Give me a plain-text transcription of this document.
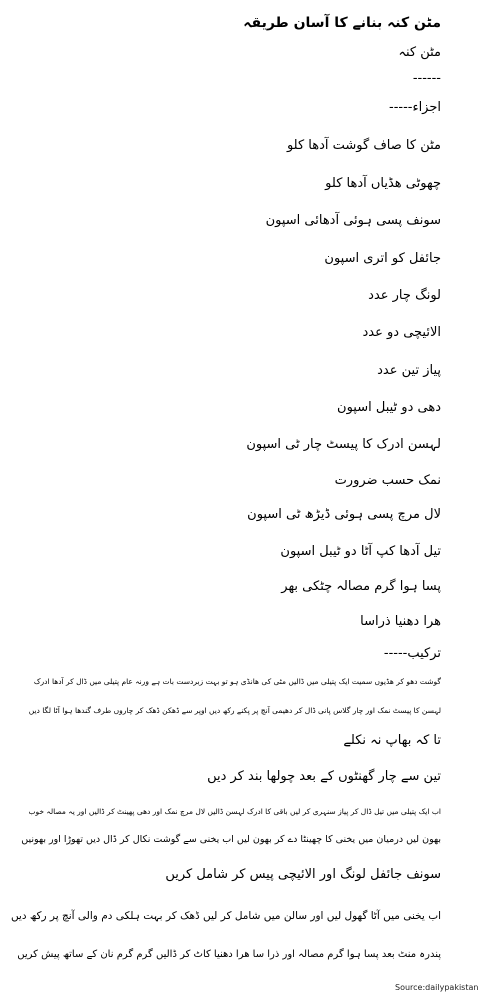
مٹن کنہ بنانے کا آسان طریقہ
مٹن کنہ
------
اجزاء-----
مٹن کا صاف گوشت آدھا کلو
چھوٹی ھڈیاں آدھا کلو
سونف پسی ہوئی آدھائی اسپون
جائفل کو اتری اسپون
لونگ چار عدد
الائیچی دو عدد
پیاز تین عدد
دھی دو ٹیبل اسپون
لہسن ادرک کا پیسٹ چار ٹی اسپون
نمک حسب ضرورت
لال مرچ پسی ہوئی ڈیڑھ ٹی اسپون
تیل آدھا کپ آٹا دو ٹیبل اسپون
پسا ہوا گرم مصالہ چٹکی بھر
ھرا دھنیا ذراسا
ترکیب-----
گوشت دھو کر ھڈیوں سمیت ایک پتیلی میں ڈالیں مٹی کی ھانڈی ہو تو بہت زبردست بات ہے ورنہ عام پتیلی میں ڈال کر آدھا ادرک
لہسن کا پیسٹ نمک اور چار گلاس پانی ڈال کر دھیمی آنچ پر پکنے رکھ دیں اوپر سے ڈھکن ڈھک کر چاروں طرف گندھا ہوا آٹا لگا دیں
تا کہ بھاپ نہ نکلے
تین سے چار گھنٹوں کے بعد چولھا بند کر دیں
اب ایک پتیلی میں تیل ڈال کر پیاز سنہری کر لیں باقی کا ادرک لہسن ڈالیں لال مرچ نمک اور دھی پھینٹ کر ڈالیں اور یہ مصالہ خوب
بھون لیں درمیان میں یخنی کا چھینٹا دے کر بھون لیں اب یخنی سے گوشت نکال کر ڈال دیں تھوڑا اور بھونیں
سونف جائفل لونگ اور الائیچی پیس کر شامل کریں
اب یخنی میں آٹا گھول لیں اور سالن میں شامل کر لیں ڈھک کر بہت ہلکی دم والی آنچ پر رکھ دیں
پندرہ منٹ بعد پسا ہوا گرم مصالہ اور ذرا سا ھرا دھنیا کاٹ کر ڈالیں گرم گرم نان کے ساتھ پیش کریں
Source:dailypakistan
